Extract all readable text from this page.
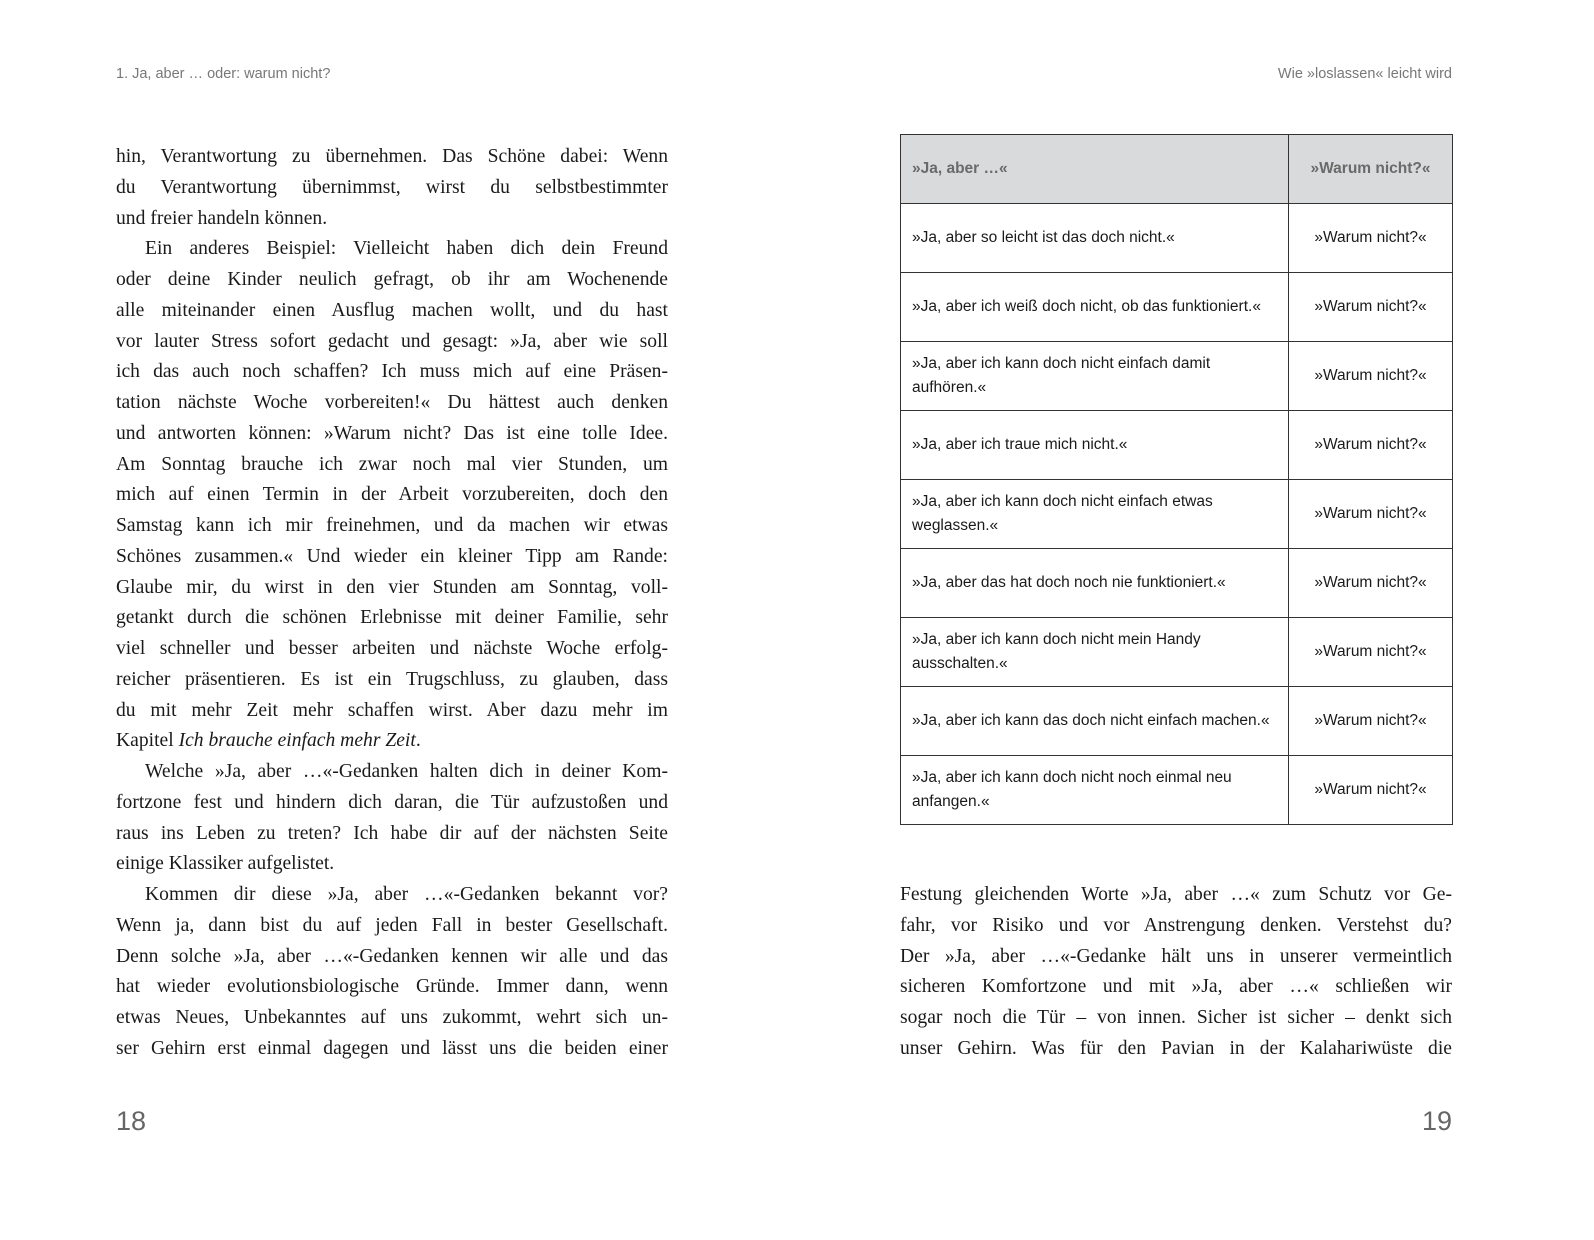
1. Ja, aber … oder: warum nicht?
hin, Verantwortung zu übernehmen. Das Schöne dabei: Wenn
du Verantwortung übernimmst, wirst du selbstbestimmter
und freier handeln können.
Ein anderes Beispiel: Vielleicht haben dich dein Freund
oder deine Kinder neulich gefragt, ob ihr am Wochenende
alle miteinander einen Ausflug machen wollt, und du hast
vor lauter Stress sofort gedacht und gesagt: »Ja, aber wie soll
ich das auch noch schaffen? Ich muss mich auf eine Präsen-
tation nächste Woche vorbereiten!« Du hättest auch denken
und antworten können: »Warum nicht? Das ist eine tolle Idee.
Am Sonntag brauche ich zwar noch mal vier Stunden, um
mich auf einen Termin in der Arbeit vorzubereiten, doch den
Samstag kann ich mir freinehmen, und da machen wir etwas
Schönes zusammen.« Und wieder ein kleiner Tipp am Rande:
Glaube mir, du wirst in den vier Stunden am Sonntag, voll-
getankt durch die schönen Erlebnisse mit deiner Familie, sehr
viel schneller und besser arbeiten und nächste Woche erfolg-
reicher präsentieren. Es ist ein Trugschluss, zu glauben, dass
du mit mehr Zeit mehr schaffen wirst. Aber dazu mehr im
Kapitel Ich brauche einfach mehr Zeit.
Welche »Ja, aber …«-Gedanken halten dich in deiner Kom-
fortzone fest und hindern dich daran, die Tür aufzustoßen und
raus ins Leben zu treten? Ich habe dir auf der nächsten Seite
einige Klassiker aufgelistet.
Kommen dir diese »Ja, aber …«-Gedanken bekannt vor?
Wenn ja, dann bist du auf jeden Fall in bester Gesellschaft.
Denn solche »Ja, aber …«-Gedanken kennen wir alle und das
hat wieder evolutionsbiologische Gründe. Immer dann, wenn
etwas Neues, Unbekanntes auf uns zukommt, wehrt sich un-
ser Gehirn erst einmal dagegen und lässt uns die beiden einer
18
Wie »loslassen« leicht wird
»Ja, aber …«	»Warum nicht?«
»Ja, aber so leicht ist das doch nicht.«	»Warum nicht?«
»Ja, aber ich weiß doch nicht, ob das funktioniert.«	»Warum nicht?«
»Ja, aber ich kann doch nicht einfach damit aufhören.«	»Warum nicht?«
»Ja, aber ich traue mich nicht.«	»Warum nicht?«
»Ja, aber ich kann doch nicht einfach etwas weglassen.«	»Warum nicht?«
»Ja, aber das hat doch noch nie funktioniert.«	»Warum nicht?«
»Ja, aber ich kann doch nicht mein Handy ausschalten.«	»Warum nicht?«
»Ja, aber ich kann das doch nicht einfach machen.«	»Warum nicht?«
»Ja, aber ich kann doch nicht noch einmal neu anfangen.«	»Warum nicht?«
Festung gleichenden Worte »Ja, aber …« zum Schutz vor Ge-
fahr, vor Risiko und vor Anstrengung denken. Verstehst du?
Der »Ja, aber …«-Gedanke hält uns in unserer vermeintlich
sicheren Komfortzone und mit »Ja, aber …« schließen wir
sogar noch die Tür – von innen. Sicher ist sicher – denkt sich
unser Gehirn. Was für den Pavian in der Kalahariwüste die
19
